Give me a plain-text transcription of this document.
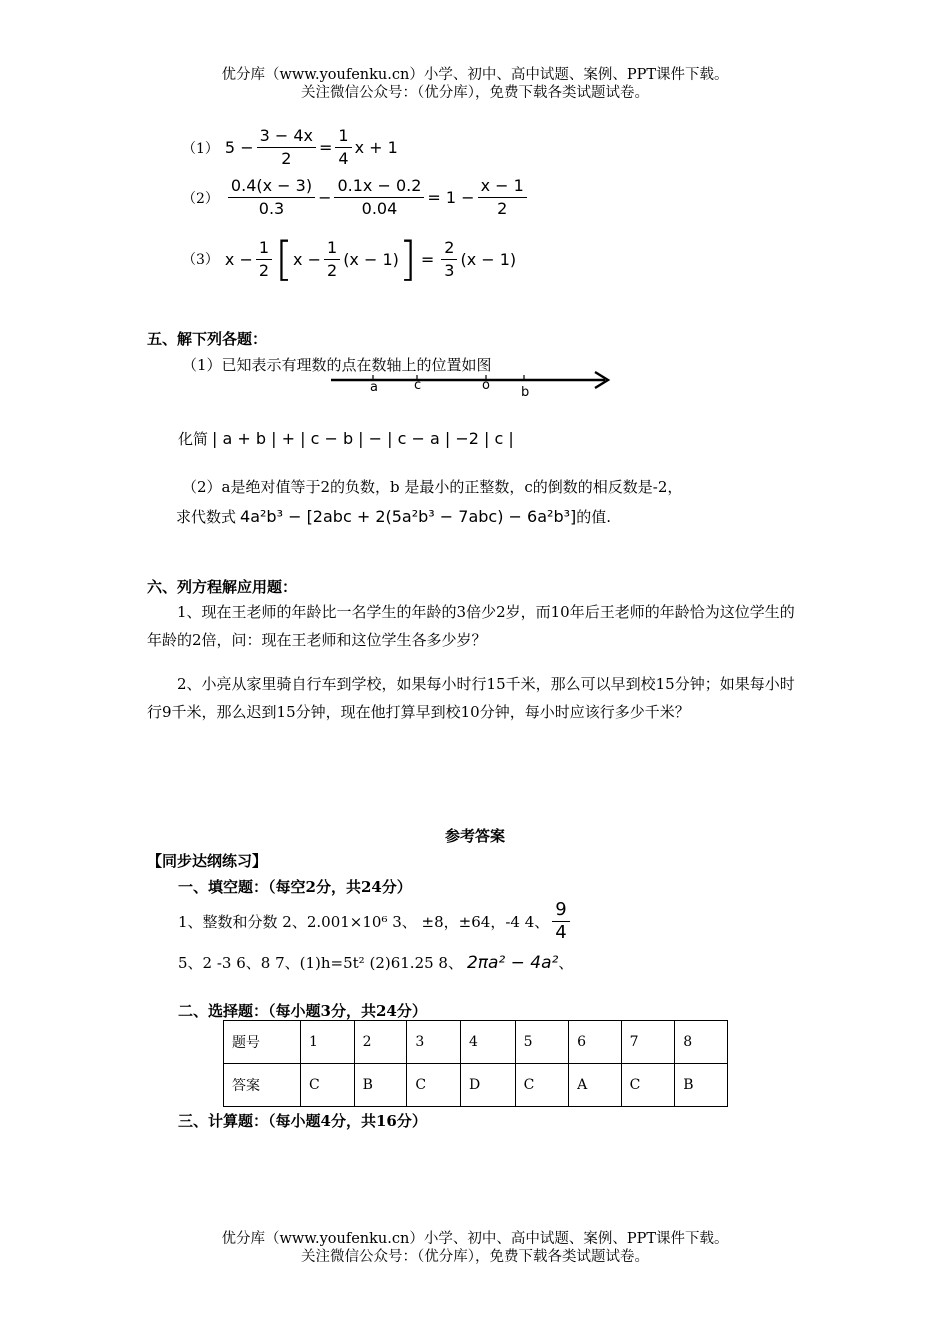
优分库（www.youfenku.cn）小学、初中、高中试题、案例、PPT课件下载。
关注微信公众号：（优分库），免费下载各类试题试卷。
（1） $5 - \frac{3 - 4x}{2} = \frac{1}{4}$ x + 1
$(2) \frac{0.4(x - 3)}{0.3} - \frac{0.1x - 0.2}{0.04} = 1 - \frac{x - 1}{2}$
（3） $x - \frac{1}{2}$ [ $x - \frac{1}{2} (x - 1)$ ] = $\frac{2}{3} (x - 1)$
五、解下列各题：
（1）已知表示有理数的点在数轴上的位置如图
a	c	o b
化简 | a + b | + | c − b | − | c − a | −2 | c |
（2）a是绝对值等于2的负数，b 是最小的正整数，c的倒数的相反数是-2，
求代数式 4a²b³ − [2abc + 2(5a²b³ − 7abc) − 6a²b³] 的值.
六、列方程解应用题：
1、现在王老师的年龄比一名学生的年龄的3倍少2岁，而10年后王老师的年龄恰为这位学生的年龄的2倍，问：现在王老师和这位学生各多少岁？
2、小亮从家里骑自行车到学校，如果每小时行15千米，那么可以早到校15分钟；如果每小时行9千米，那么迟到15分钟，现在他打算早到校10分钟，每小时应该行多少千米？
参考答案
【同步达纲练习】
一、填空题：（每空2分，共24分）
1、整数和分数 2、2.001×10⁶ 3、 ±8，±64，-4 4、 $\frac{9}{4}$
5、2 -3 6、8 7、(1)h=5t² (2)61.25 8、 2πa² − 4a² 、
二、选择题：（每小题3分，共24分）
题号	1	2	3	4	5	6	7	8
答案	C	B	C	D	C	A	C	B
三、计算题：（每小题4分，共16分）
优分库（www.youfenku.cn）小学、初中、高中试题、案例、PPT课件下载。
关注微信公众号：（优分库），免费下载各类试题试卷。
